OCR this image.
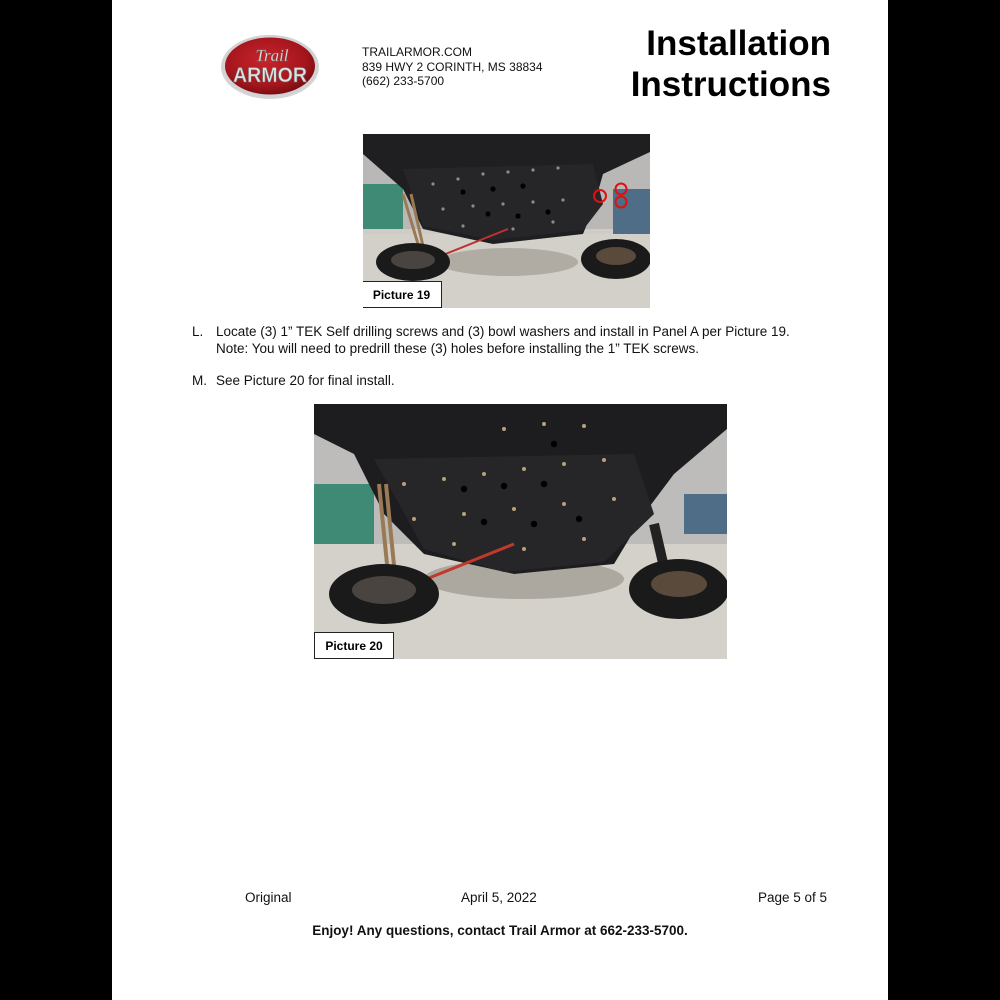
Trail
ARMOR
TRAILARMOR.COM
839 HWY 2 CORINTH, MS 38834
(662) 233-5700
Installation
Instructions
Picture 19
L. Locate (3) 1” TEK Self drilling screws and (3) bowl washers and install in Panel A per Picture 19.

Note: You will need to predrill these (3) holes before installing the 1” TEK screws.

M. See Picture 20 for final install.

Picture 20
Original	April 5, 2022	Page 5 of 5
Enjoy! Any questions, contact Trail Armor at 662-233-5700.
